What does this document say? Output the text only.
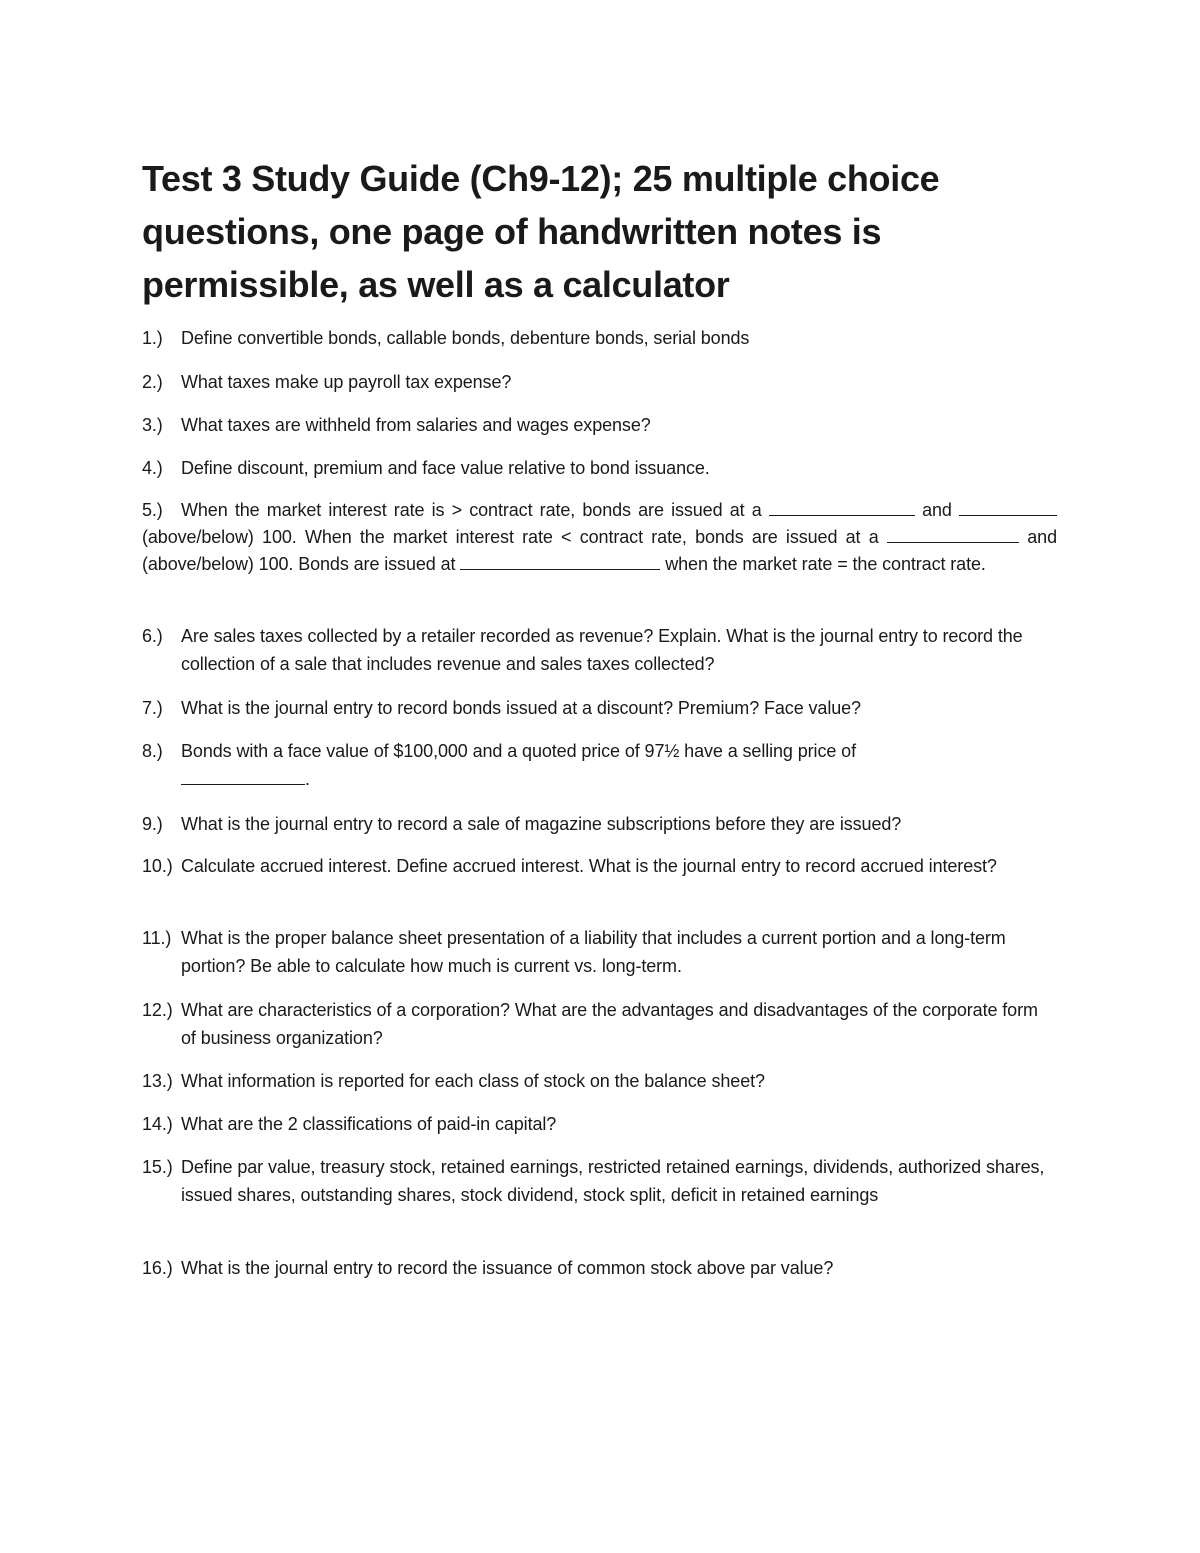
Test 3 Study Guide (Ch9-12); 25 multiple choice questions, one page of handwritten notes is permissible, as well as a calculator
1.)	Define convertible bonds, callable bonds, debenture bonds, serial bonds
2.)	What taxes make up payroll tax expense?
3.)	What taxes are withheld from salaries and wages expense?
4.)	Define discount, premium and face value relative to bond issuance.
5.) When the market interest rate is > contract rate, bonds are issued at a	and  (above/below) 100. When the market interest rate < contract rate, bonds are issued at a	and (above/below) 100. Bonds are issued at	when the market rate = the contract rate.
6.)	Are sales taxes collected by a retailer recorded as revenue? Explain. What is the journal entry to record the collection of a sale that includes revenue and sales taxes collected?
7.)	What is the journal entry to record bonds issued at a discount? Premium? Face value?
8.)	Bonds with a face value of $100,000 and a quoted price of 97½ have a selling price of
.
9.)	What is the journal entry to record a sale of magazine subscriptions before they are issued?
10.) Calculate accrued interest. Define accrued interest. What is the journal entry to record accrued interest?
11.) What is the proper balance sheet presentation of a liability that includes a current portion and a long-term portion? Be able to calculate how much is current vs. long-term.
12.) What are characteristics of a corporation? What are the advantages and disadvantages of the corporate form of business organization?
13.) What information is reported for each class of stock on the balance sheet?
14.) What are the 2 classifications of paid-in capital?
15.) Define par value, treasury stock, retained earnings, restricted retained earnings, dividends, authorized shares, issued shares, outstanding shares, stock dividend, stock split, deficit in retained earnings
16.) What is the journal entry to record the issuance of common stock above par value?
